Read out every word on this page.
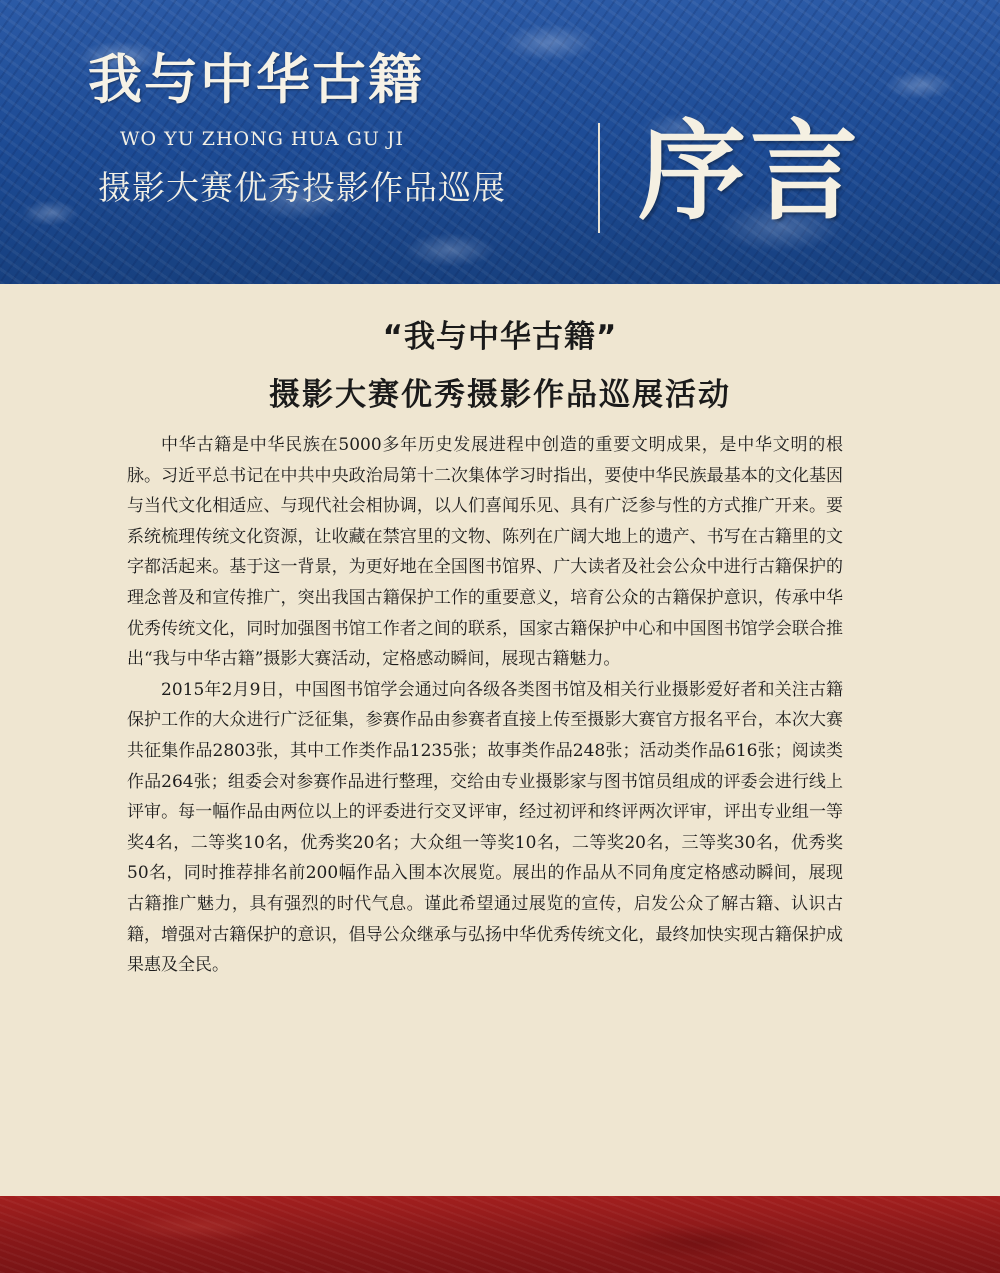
我与中华古籍
WO YU ZHONG HUA GU JI
摄影大赛优秀投影作品巡展 序言
“我与中华古籍”
摄影大赛优秀摄影作品巡展活动

中华古籍是中华民族在5000多年历史发展进程中创造的重要文明成果，是中华文明的根脉。习近平总书记在中共中央政治局第十二次集体学习时指出，要使中华民族最基本的文化基因与当代文化相适应、与现代社会相协调，以人们喜闻乐见、具有广泛参与性的方式推广开来。要系统梳理传统文化资源，让收藏在禁宫里的文物、陈列在广阔大地上的遗产、书写在古籍里的文字都活起来。基于这一背景，为更好地在全国图书馆界、广大读者及社会公众中进行古籍保护的理念普及和宣传推广，突出我国古籍保护工作的重要意义，培育公众的古籍保护意识，传承中华优秀传统文化，同时加强图书馆工作者之间的联系，国家古籍保护中心和中国图书馆学会联合推出“我与中华古籍”摄影大赛活动，定格感动瞬间，展现古籍魅力。

2015年2月9日，中国图书馆学会通过向各级各类图书馆及相关行业摄影爱好者和关注古籍保护工作的大众进行广泛征集，参赛作品由参赛者直接上传至摄影大赛官方报名平台，本次大赛共征集作品2803张，其中工作类作品1235张；故事类作品248张；活动类作品616张；阅读类作品264张；组委会对参赛作品进行整理，交给由专业摄影家与图书馆员组成的评委会进行线上评审。每一幅作品由两位以上的评委进行交叉评审，经过初评和终评两次评审，评出专业组一等奖4名，二等奖10名，优秀奖20名；大众组一等奖10名，二等奖20名，三等奖30名，优秀奖50名，同时推荐排名前200幅作品入围本次展览。展出的作品从不同角度定格感动瞬间，展现古籍推广魅力，具有强烈的时代气息。谨此希望通过展览的宣传，启发公众了解古籍、认识古籍，增强对古籍保护的意识，倡导公众继承与弘扬中华优秀传统文化，最终加快实现古籍保护成果惠及全民。
